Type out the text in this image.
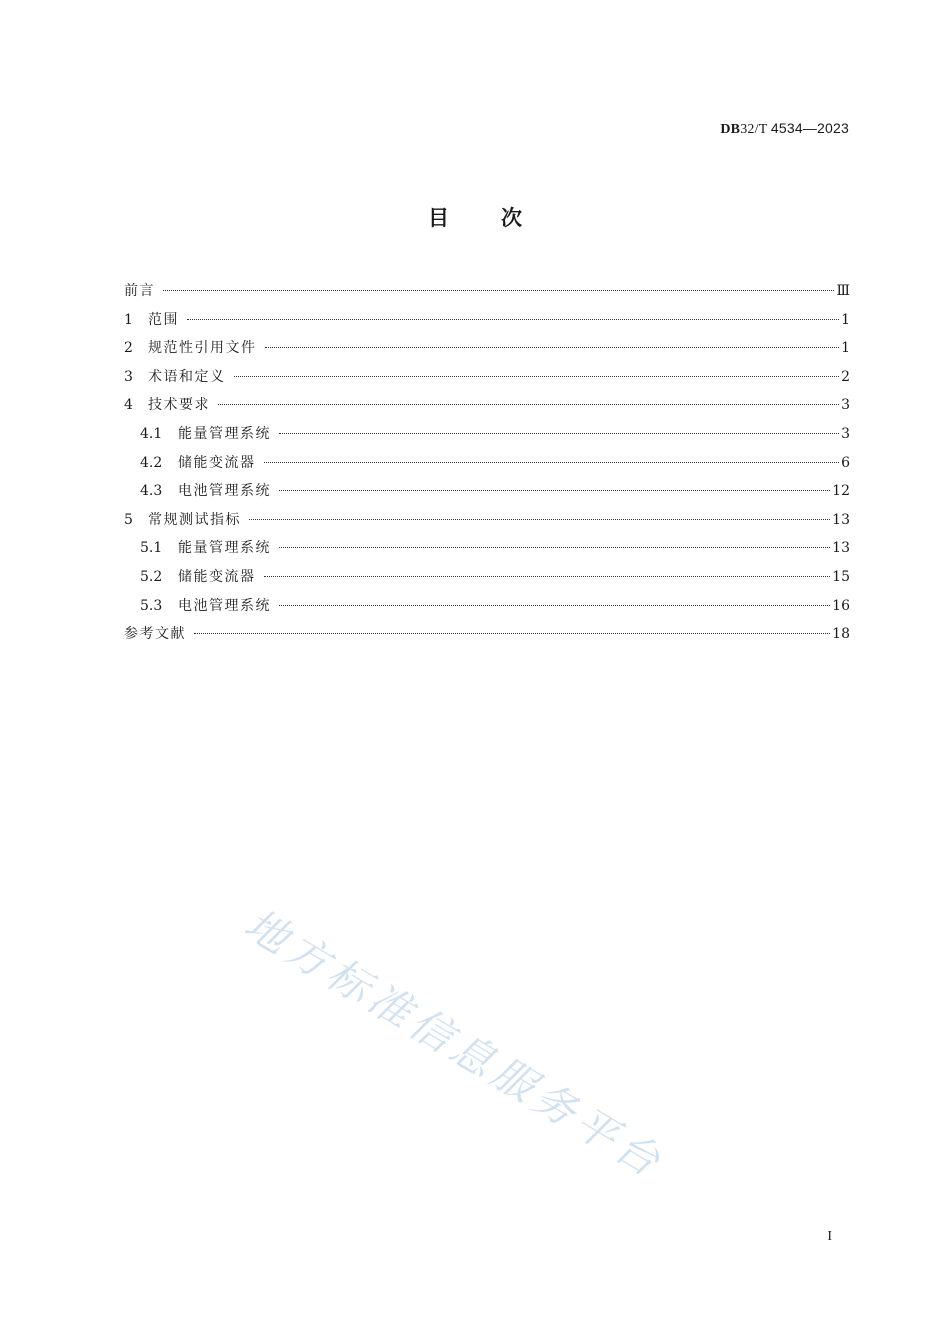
DB32/T 4534—2023
目次
前言	Ⅲ
1	范围	1
2	规范性引用文件	1
3	术语和定义	2
4	技术要求	3
4.1	能量管理系统	3
4.2	储能变流器	6
4.3	电池管理系统	12
5	常规测试指标	13
5.1	能量管理系统	13
5.2	储能变流器	15
5.3	电池管理系统	16
参考文献	18
地方标准信息服务平台
I
